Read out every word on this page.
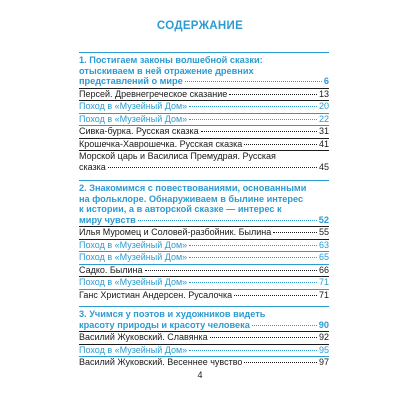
СОДЕРЖАНИЕ
1. Постигаем законы волшебной сказки:
отыскиваем в ней отражение древних
представлений о мире	6
Персей. Древнегреческое сказание	13
Поход в «Музейный Дом»	20
Поход в «Музейный Дом»	22
Сивка-бурка. Русская сказка	31
Крошечка-Хаврошечка. Русская сказка	41
Морской царь и Василиса Премудрая. Русская
сказка	45
2. Знакомимся с повествованиями, основанными
на фольклоре. Обнаруживаем в былине интерес
к истории, а в авторской сказке — интерес к
миру чувств	52
Илья Муромец и Соловей-разбойник. Былина	55
Поход в «Музейный Дом»	63
Поход в «Музейный Дом»	65
Садко. Былина	66
Поход в «Музейный Дом»	71
Ганс Христиан Андерсен. Русалочка	71
3. Учимся у поэтов и художников видеть
красоту природы и красоту человека	90
Василий Жуковский. Славянка	92
Поход в «Музейный Дом»	95
Василий Жуковский. Весеннее чувство	97
4
